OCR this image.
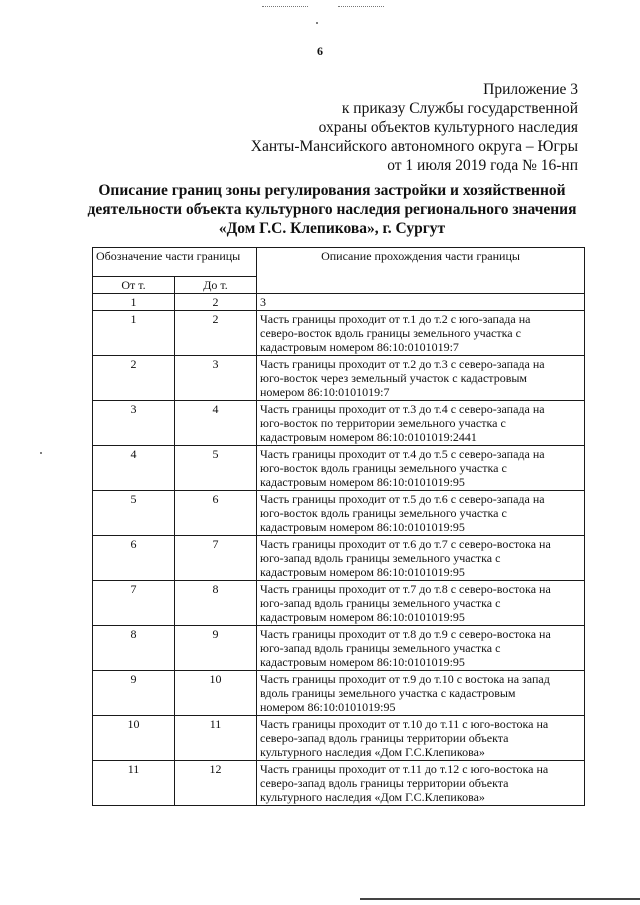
6
Приложение 3
к приказу Службы государственной
охраны объектов культурного наследия
Ханты-Мансийского автономного округа – Югры
от 1 июля 2019 года № 16-нп
Описание границ зоны регулирования застройки и хозяйственной
деятельности объекта культурного наследия регионального значения
«Дом Г.С. Клепикова», г. Сургут
Обозначение части границы		Описание прохождения части границы
От т.	До т.	
1	2	3
1	2	Часть границы проходит от т.1 до т.2 с юго-запада на
северо-восток вдоль границы земельного участка с
кадастровым номером 86:10:0101019:7

2	3	Часть границы проходит от т.2 до т.3 с северо-запада на
юго-восток через земельный участок с кадастровым
номером 86:10:0101019:7

3	4	Часть границы проходит от т.3 до т.4 с северо-запада на
юго-восток по территории земельного участка с
кадастровым номером 86:10:0101019:2441

4	5	Часть границы проходит от т.4 до т.5 с северо-запада на
юго-восток вдоль границы земельного участка с
кадастровым номером 86:10:0101019:95

5	6	Часть границы проходит от т.5 до т.6 с северо-запада на
юго-восток вдоль границы земельного участка с
кадастровым номером 86:10:0101019:95

6	7	Часть границы проходит от т.6 до т.7 с северо-востока на
юго-запад вдоль границы земельного участка с
кадастровым номером 86:10:0101019:95

7	8	Часть границы проходит от т.7 до т.8 с северо-востока на
юго-запад вдоль границы земельного участка с
кадастровым номером 86:10:0101019:95

8	9	Часть границы проходит от т.8 до т.9 с северо-востока на
юго-запад вдоль границы земельного участка с
кадастровым номером 86:10:0101019:95

9	10	Часть границы проходит от т.9 до т.10 с востока на запад
вдоль границы земельного участка с кадастровым
номером 86:10:0101019:95

10	11	Часть границы проходит от т.10 до т.11 с юго-востока на
северо-запад вдоль границы территории объекта
культурного наследия «Дом Г.С.Клепикова»

11	12	Часть границы проходит от т.11 до т.12 с юго-востока на
северо-запад вдоль границы территории объекта
культурного наследия «Дом Г.С.Клепикова»
